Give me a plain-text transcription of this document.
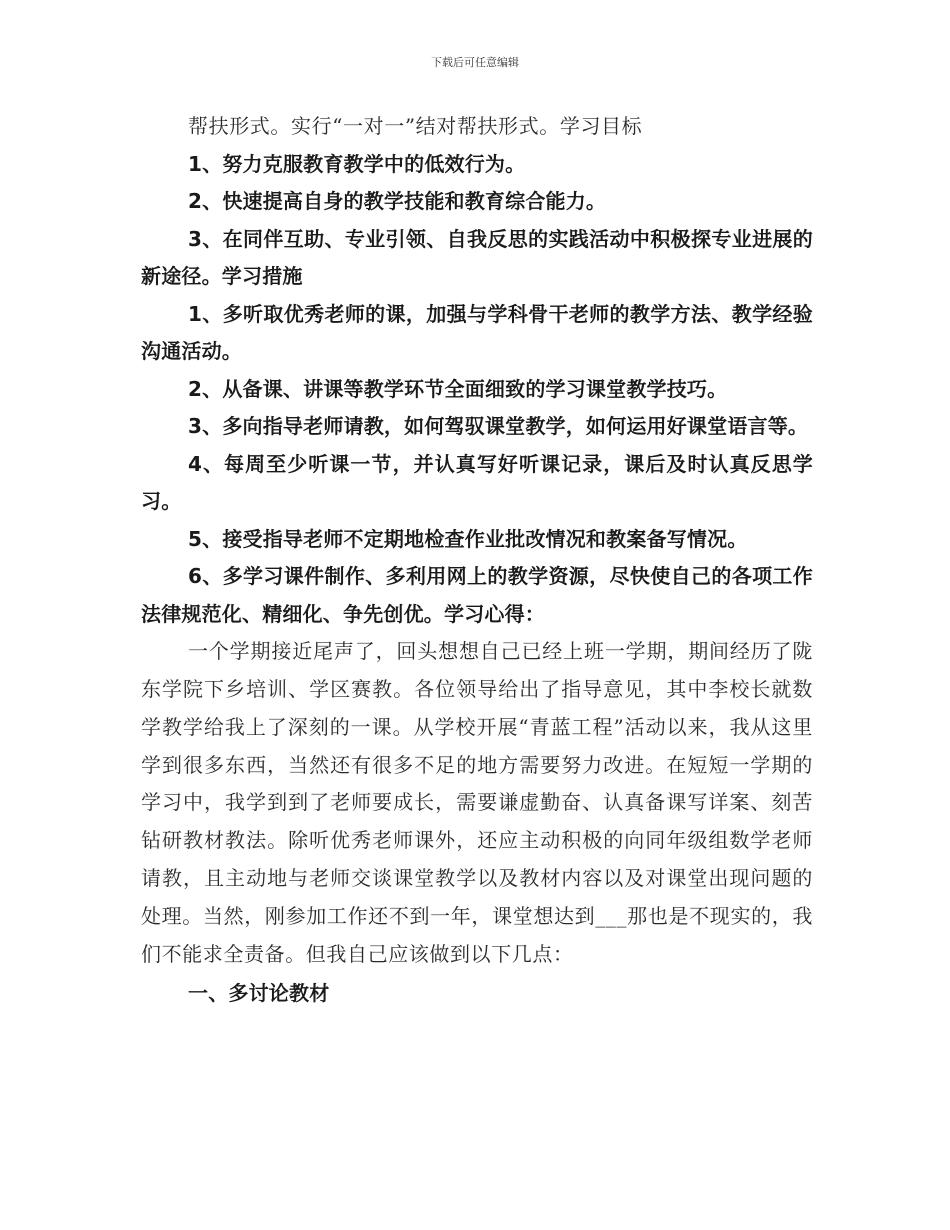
下载后可任意编辑

帮扶形式。实行“一对一”结对帮扶形式。学习目标

1、努力克服教育教学中的低效行为。

2、快速提高自身的教学技能和教育综合能力。

3、在同伴互助、专业引领、自我反思的实践活动中积极探专业进展的新途径。学习措施

1、多听取优秀老师的课，加强与学科骨干老师的教学方法、教学经验沟通活动。

2、从备课、讲课等教学环节全面细致的学习课堂教学技巧。

3、多向指导老师请教，如何驾驭课堂教学，如何运用好课堂语言等。

4、每周至少听课一节，并认真写好听课记录，课后及时认真反思学习。

5、接受指导老师不定期地检查作业批改情况和教案备写情况。

6、多学习课件制作、多利用网上的教学资源，尽快使自己的各项工作法律规范化、精细化、争先创优。学习心得：

一个学期接近尾声了，回头想想自己已经上班一学期，期间经历了陇东学院下乡培训、学区赛教。各位领导给出了指导意见，其中李校长就数学教学给我上了深刻的一课。从学校开展“青蓝工程”活动以来，我从这里学到很多东西，当然还有很多不足的地方需要努力改进。在短短一学期的学习中，我学到到了老师要成长，需要谦虚勤奋、认真备课写详案、刻苦钻研教材教法。除听优秀老师课外，还应主动积极的向同年级组数学老师请教，且主动地与老师交谈课堂教学以及教材内容以及对课堂出现问题的处理。当然，刚参加工作还不到一年，课堂想达到___那也是不现实的，我们不能求全责备。但我自己应该做到以下几点：

一、多讨论教材
